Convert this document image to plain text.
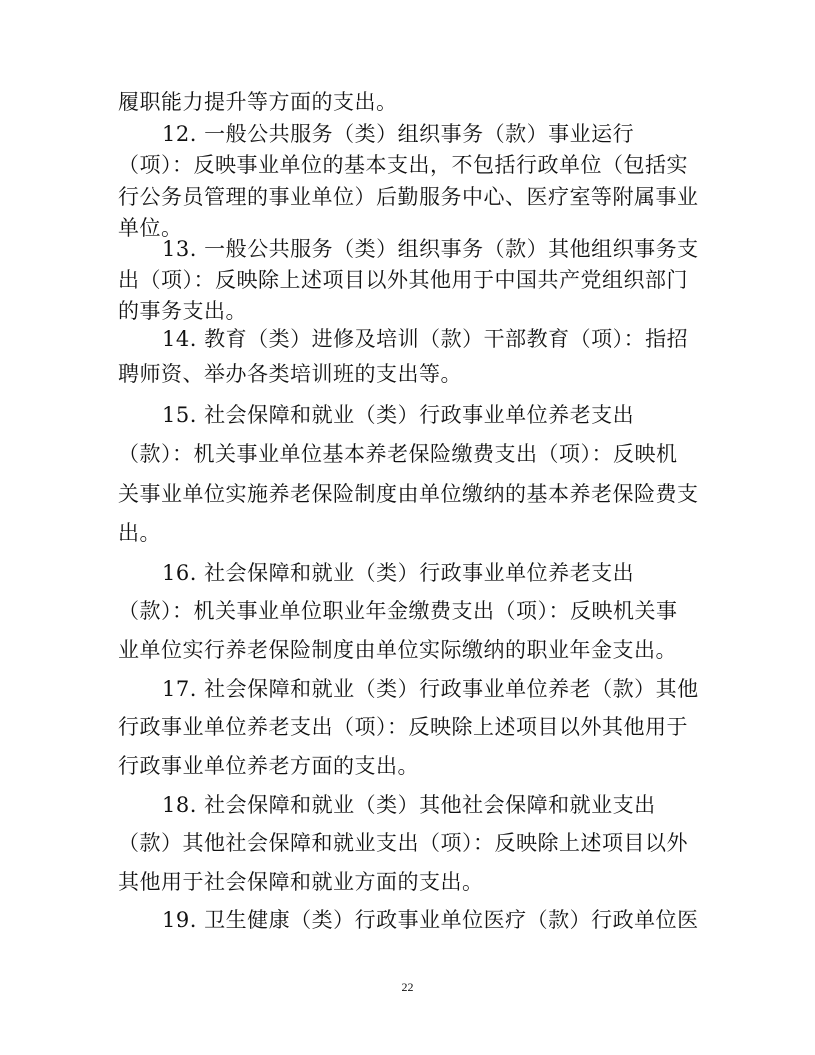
履职能力提升等方面的支出。
12. 一般公共服务（类）组织事务（款）事业运行
（项）：反映事业单位的基本支出，不包括行政单位（包括实
行公务员管理的事业单位）后勤服务中心、医疗室等附属事业
单位。
13. 一般公共服务（类）组织事务（款）其他组织事务支
出（项）：反映除上述项目以外其他用于中国共产党组织部门
的事务支出。
14. 教育（类）进修及培训（款）干部教育（项）：指招
聘师资、举办各类培训班的支出等。
15. 社会保障和就业（类）行政事业单位养老支出
（款）：机关事业单位基本养老保险缴费支出（项）：反映机
关事业单位实施养老保险制度由单位缴纳的基本养老保险费支
出。
16. 社会保障和就业（类）行政事业单位养老支出
（款）：机关事业单位职业年金缴费支出（项）：反映机关事
业单位实行养老保险制度由单位实际缴纳的职业年金支出。
17. 社会保障和就业（类）行政事业单位养老（款）其他
行政事业单位养老支出（项）：反映除上述项目以外其他用于
行政事业单位养老方面的支出。
18. 社会保障和就业（类）其他社会保障和就业支出
（款）其他社会保障和就业支出（项）：反映除上述项目以外
其他用于社会保障和就业方面的支出。
19. 卫生健康（类）行政事业单位医疗（款）行政单位医
22
